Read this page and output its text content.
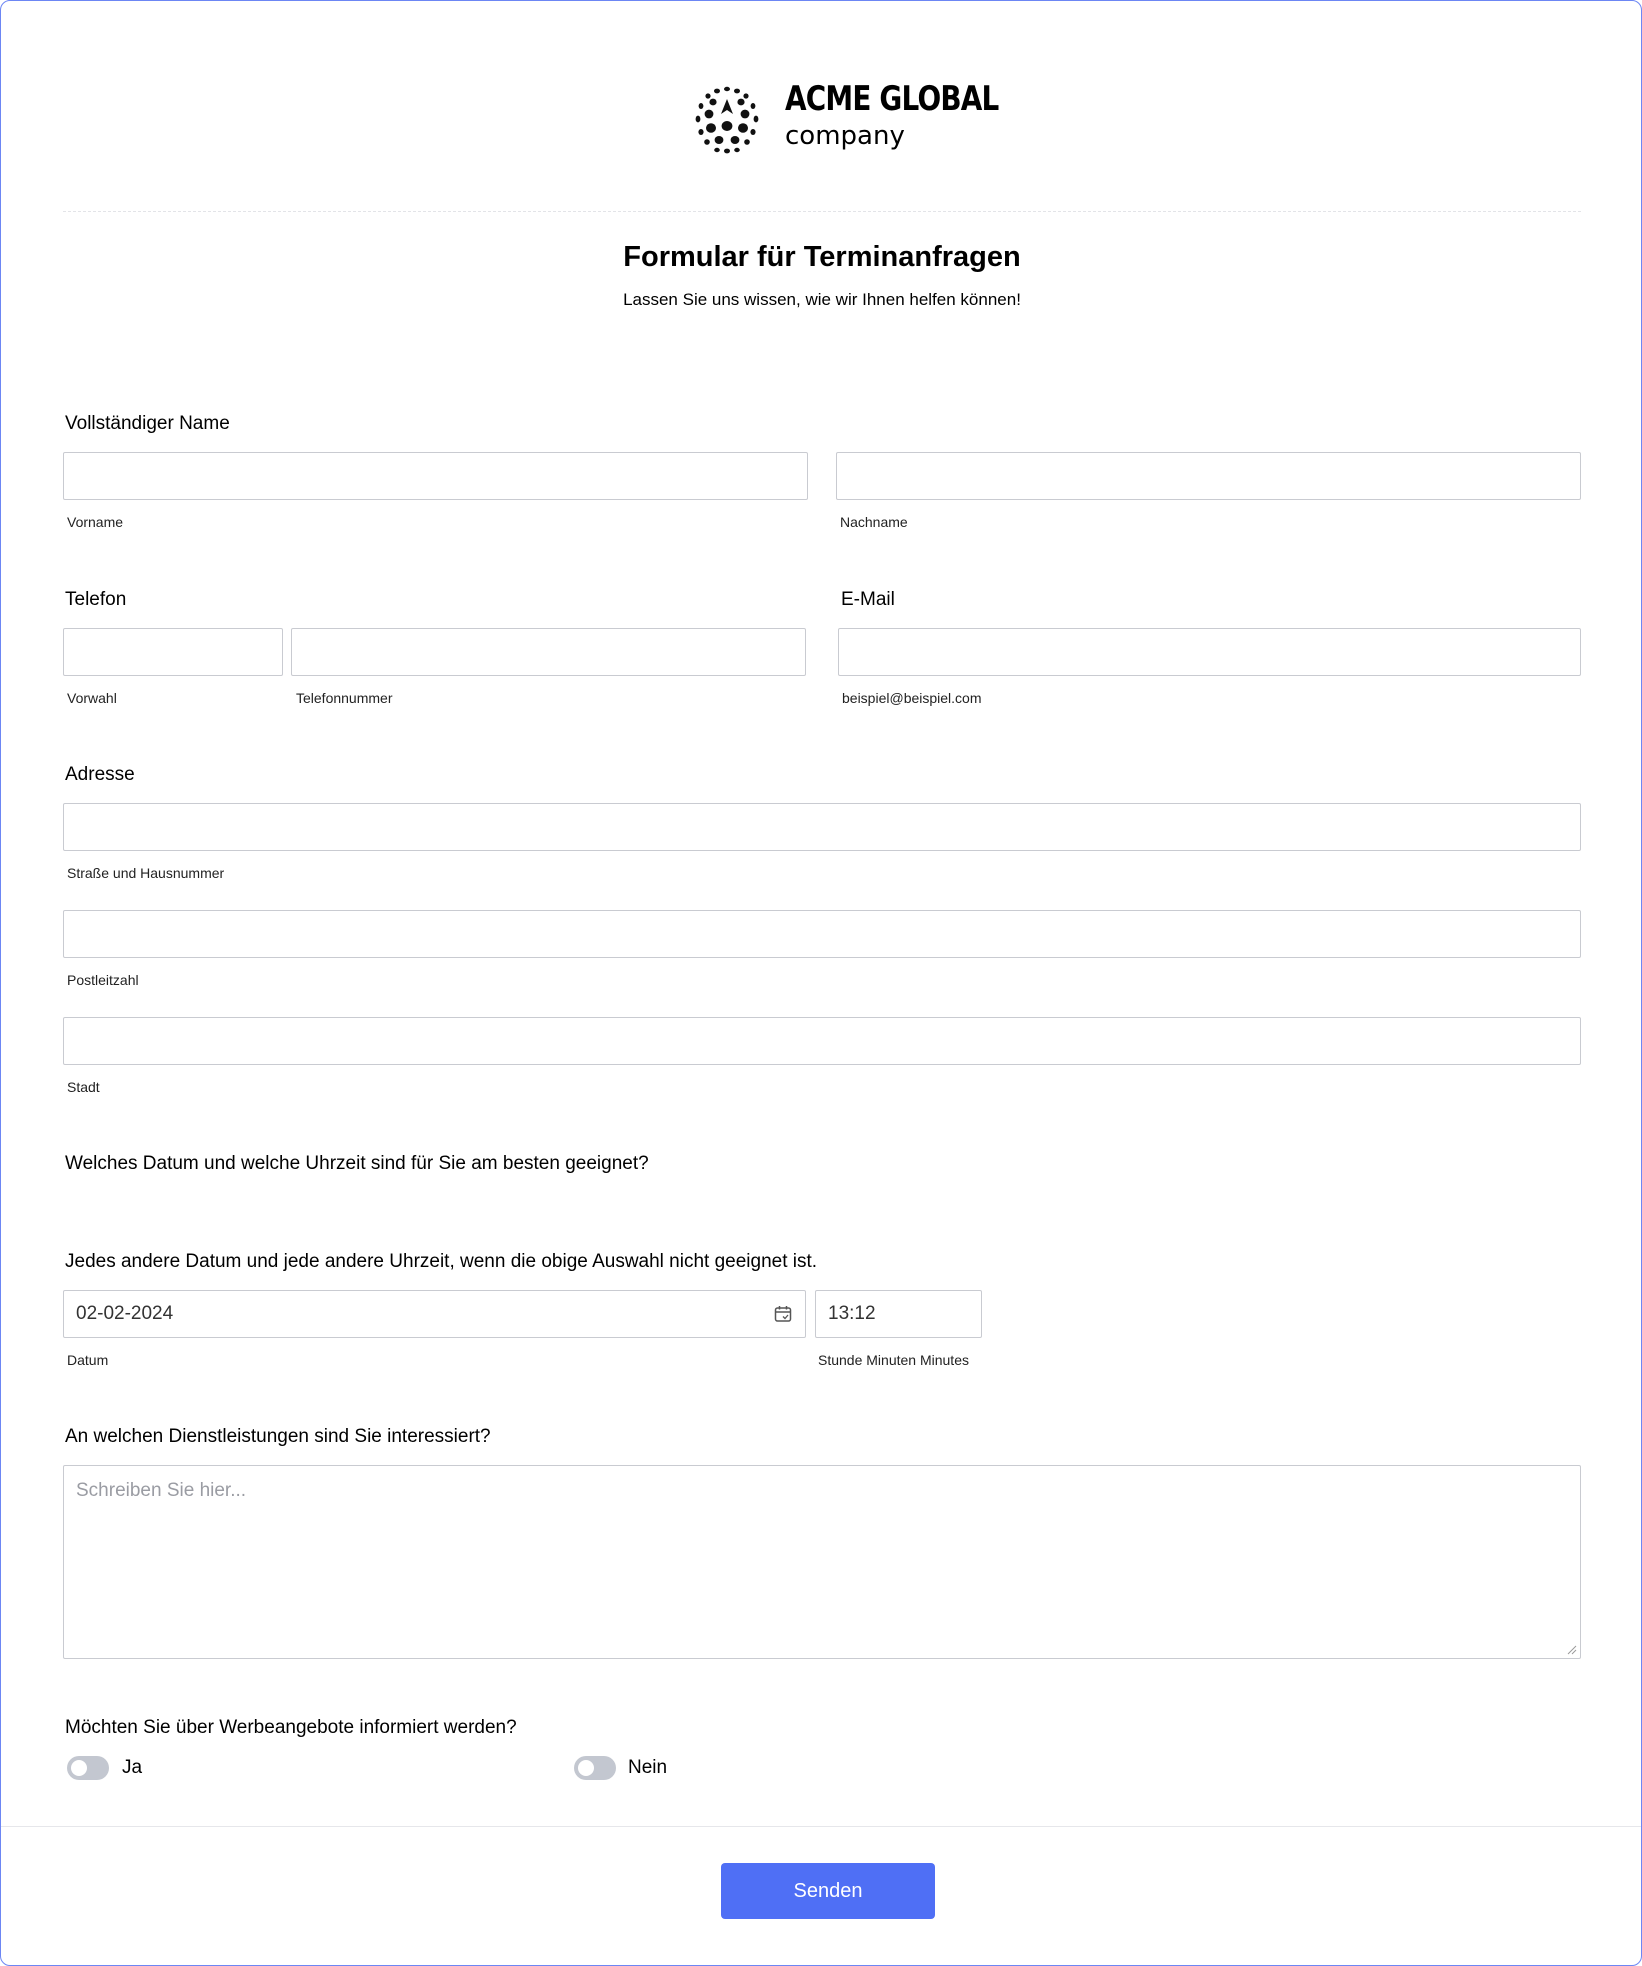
ACME GLOBAL
company
Formular für Terminanfragen
Lassen Sie uns wissen, wie wir Ihnen helfen können!
Vollständiger Name
Vorname	Nachname
Telefon
Vorwahl	Telefonnummer
E-Mail
beispiel@beispiel.com
Adresse
Straße und Hausnummer
Postleitzahl
Stadt
Welches Datum und welche Uhrzeit sind für Sie am besten geeignet?
Jedes andere Datum und jede andere Uhrzeit, wenn die obige Auswahl nicht geeignet ist.
02-02-2024
Datum
13:12
Stunde Minuten Minutes
An welchen Dienstleistungen sind Sie interessiert?
Schreiben Sie hier...
Möchten Sie über Werbeangebote informiert werden?
Ja	Nein
Senden
